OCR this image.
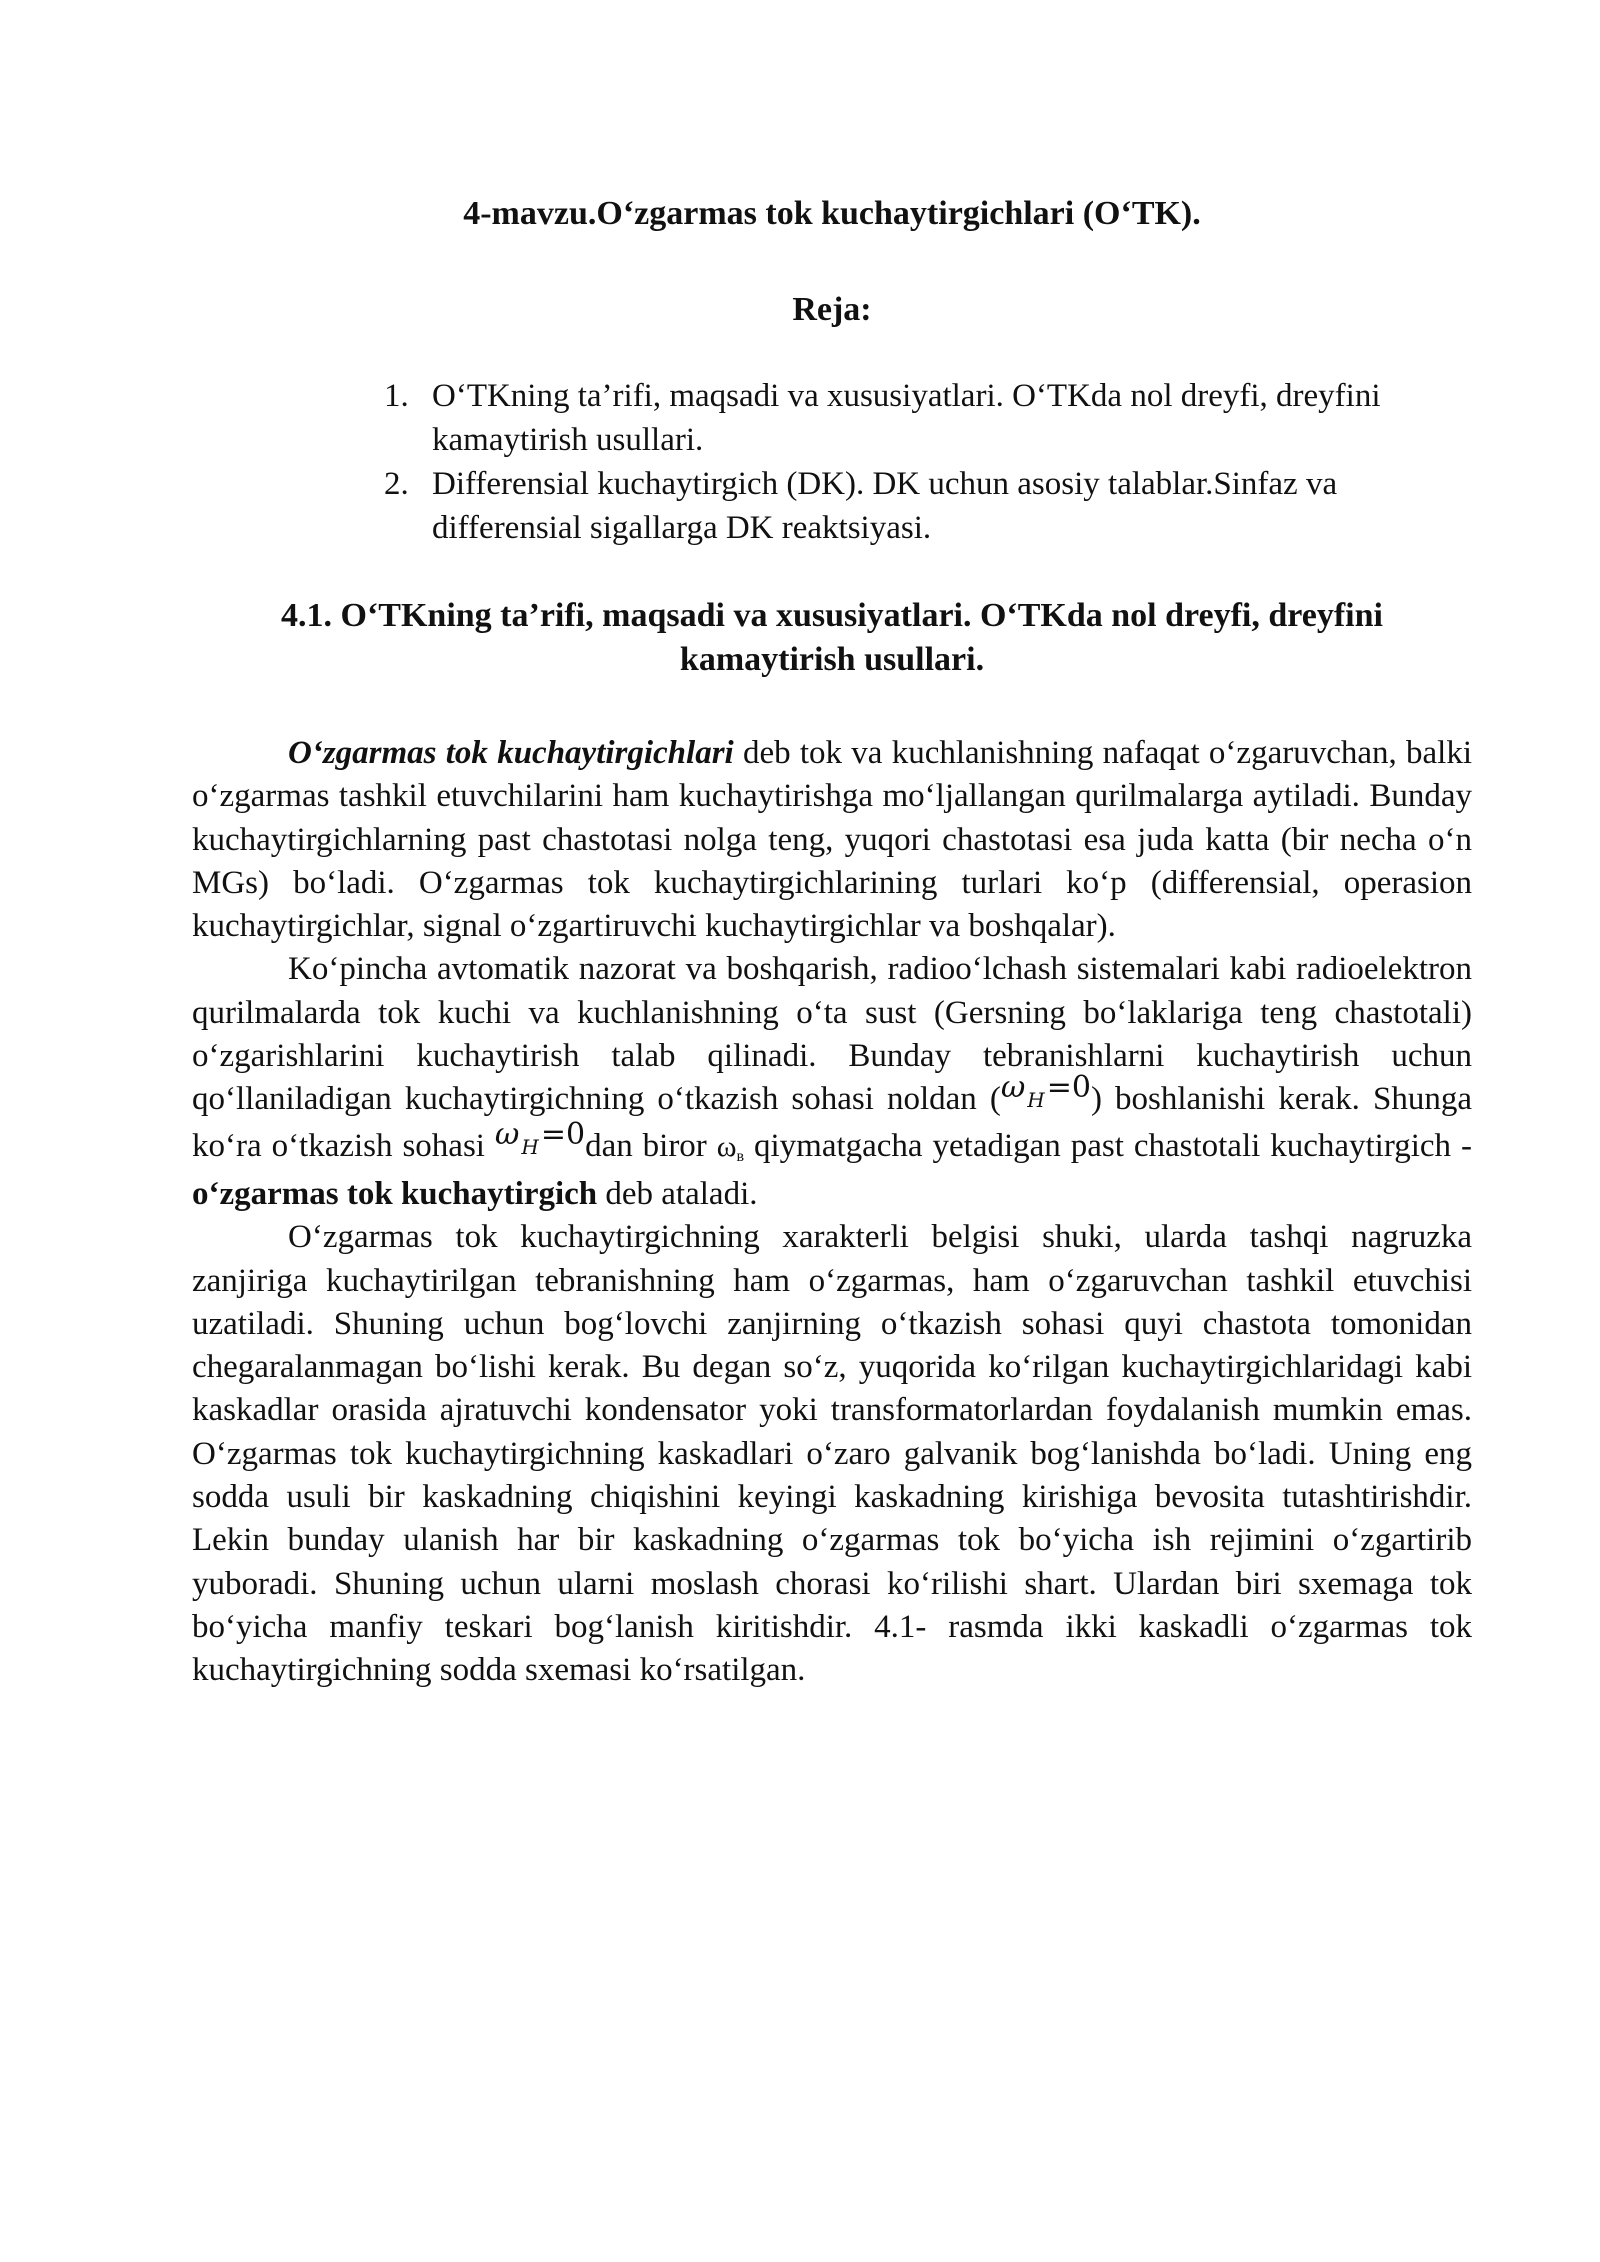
4-mavzu.O‘zgarmas tok kuchaytirgichlari (O‘TK).
Reja:
1. O‘TKning ta’rifi, maqsadi va xususiyatlari. O‘TKda nol dreyfi, dreyfini kamaytirish usullari.
2. Differensial kuchaytirgich (DK). DK uchun asosiy talablar.Sinfaz va differensial sigallarga DK reaktsiyasi.
4.1. O‘TKning ta’rifi, maqsadi va xususiyatlari. O‘TKda nol dreyfi, dreyfini kamaytirish usullari.

O‘zgarmas tok kuchaytirgichlari deb tok va kuchlanishning nafaqat o‘zgaruvchan, balki o‘zgarmas tashkil etuvchilarini ham kuchaytirishga mo‘ljallangan qurilmalarga aytiladi. Bunday kuchaytirgichlarning past chastotasi nolga teng, yuqori chastotasi esa juda katta (bir necha o‘n MGs) bo‘ladi. O‘zgarmas tok kuchaytirgichlarining turlari ko‘p (differensial, operasion kuchaytirgichlar, signal o‘zgartiruvchi kuchaytirgichlar va boshqalar).

Ko‘pincha avtomatik nazorat va boshqarish, radioo‘lchash sistemalari kabi radioelektron qurilmalarda tok kuchi va kuchlanishning o‘ta sust (Gersning bo‘laklariga teng chastotali) o‘zgarishlarini kuchaytirish talab qilinadi. Bunday tebranishlarni kuchaytirish uchun qo‘llaniladigan kuchaytirgichning o‘tkazish sohasi noldan (ω $_H$=0) boshlanishi kerak. Shunga ko‘ra o‘tkazish sohasi ω $_H$=0dan biror ωв qiymatgacha yetadigan past chastotali kuchaytirgich - o‘zgarmas tok kuchaytirgich deb ataladi.

O‘zgarmas tok kuchaytirgichning xarakterli belgisi shuki, ularda tashqi nagruzka zanjiriga kuchaytirilgan tebranishning ham o‘zgarmas, ham o‘zgaruvchan tashkil etuvchisi uzatiladi. Shuning uchun bog‘lovchi zanjirning o‘tkazish sohasi quyi chastota tomonidan chegaralanmagan bo‘lishi kerak. Bu degan so‘z, yuqorida ko‘rilgan kuchaytirgichlaridagi kabi kaskadlar orasida ajratuvchi kondensator yoki transformatorlardan foydalanish mumkin emas. O‘zgarmas tok kuchaytirgichning kaskadlari o‘zaro galvanik bog‘lanishda bo‘ladi. Uning eng sodda usuli bir kaskadning chiqishini keyingi kaskadning kirishiga bevosita tutashtirishdir. Lekin bunday ulanish har bir kaskadning o‘zgarmas tok bo‘yicha ish rejimini o‘zgartirib yuboradi. Shuning uchun ularni moslash chorasi ko‘rilishi shart. Ulardan biri sxemaga tok bo‘yicha manfiy teskari bog‘lanish kiritishdir. 4.1- rasmda ikki kaskadli o‘zgarmas tok kuchaytirgichning sodda sxemasi ko‘rsatilgan.
